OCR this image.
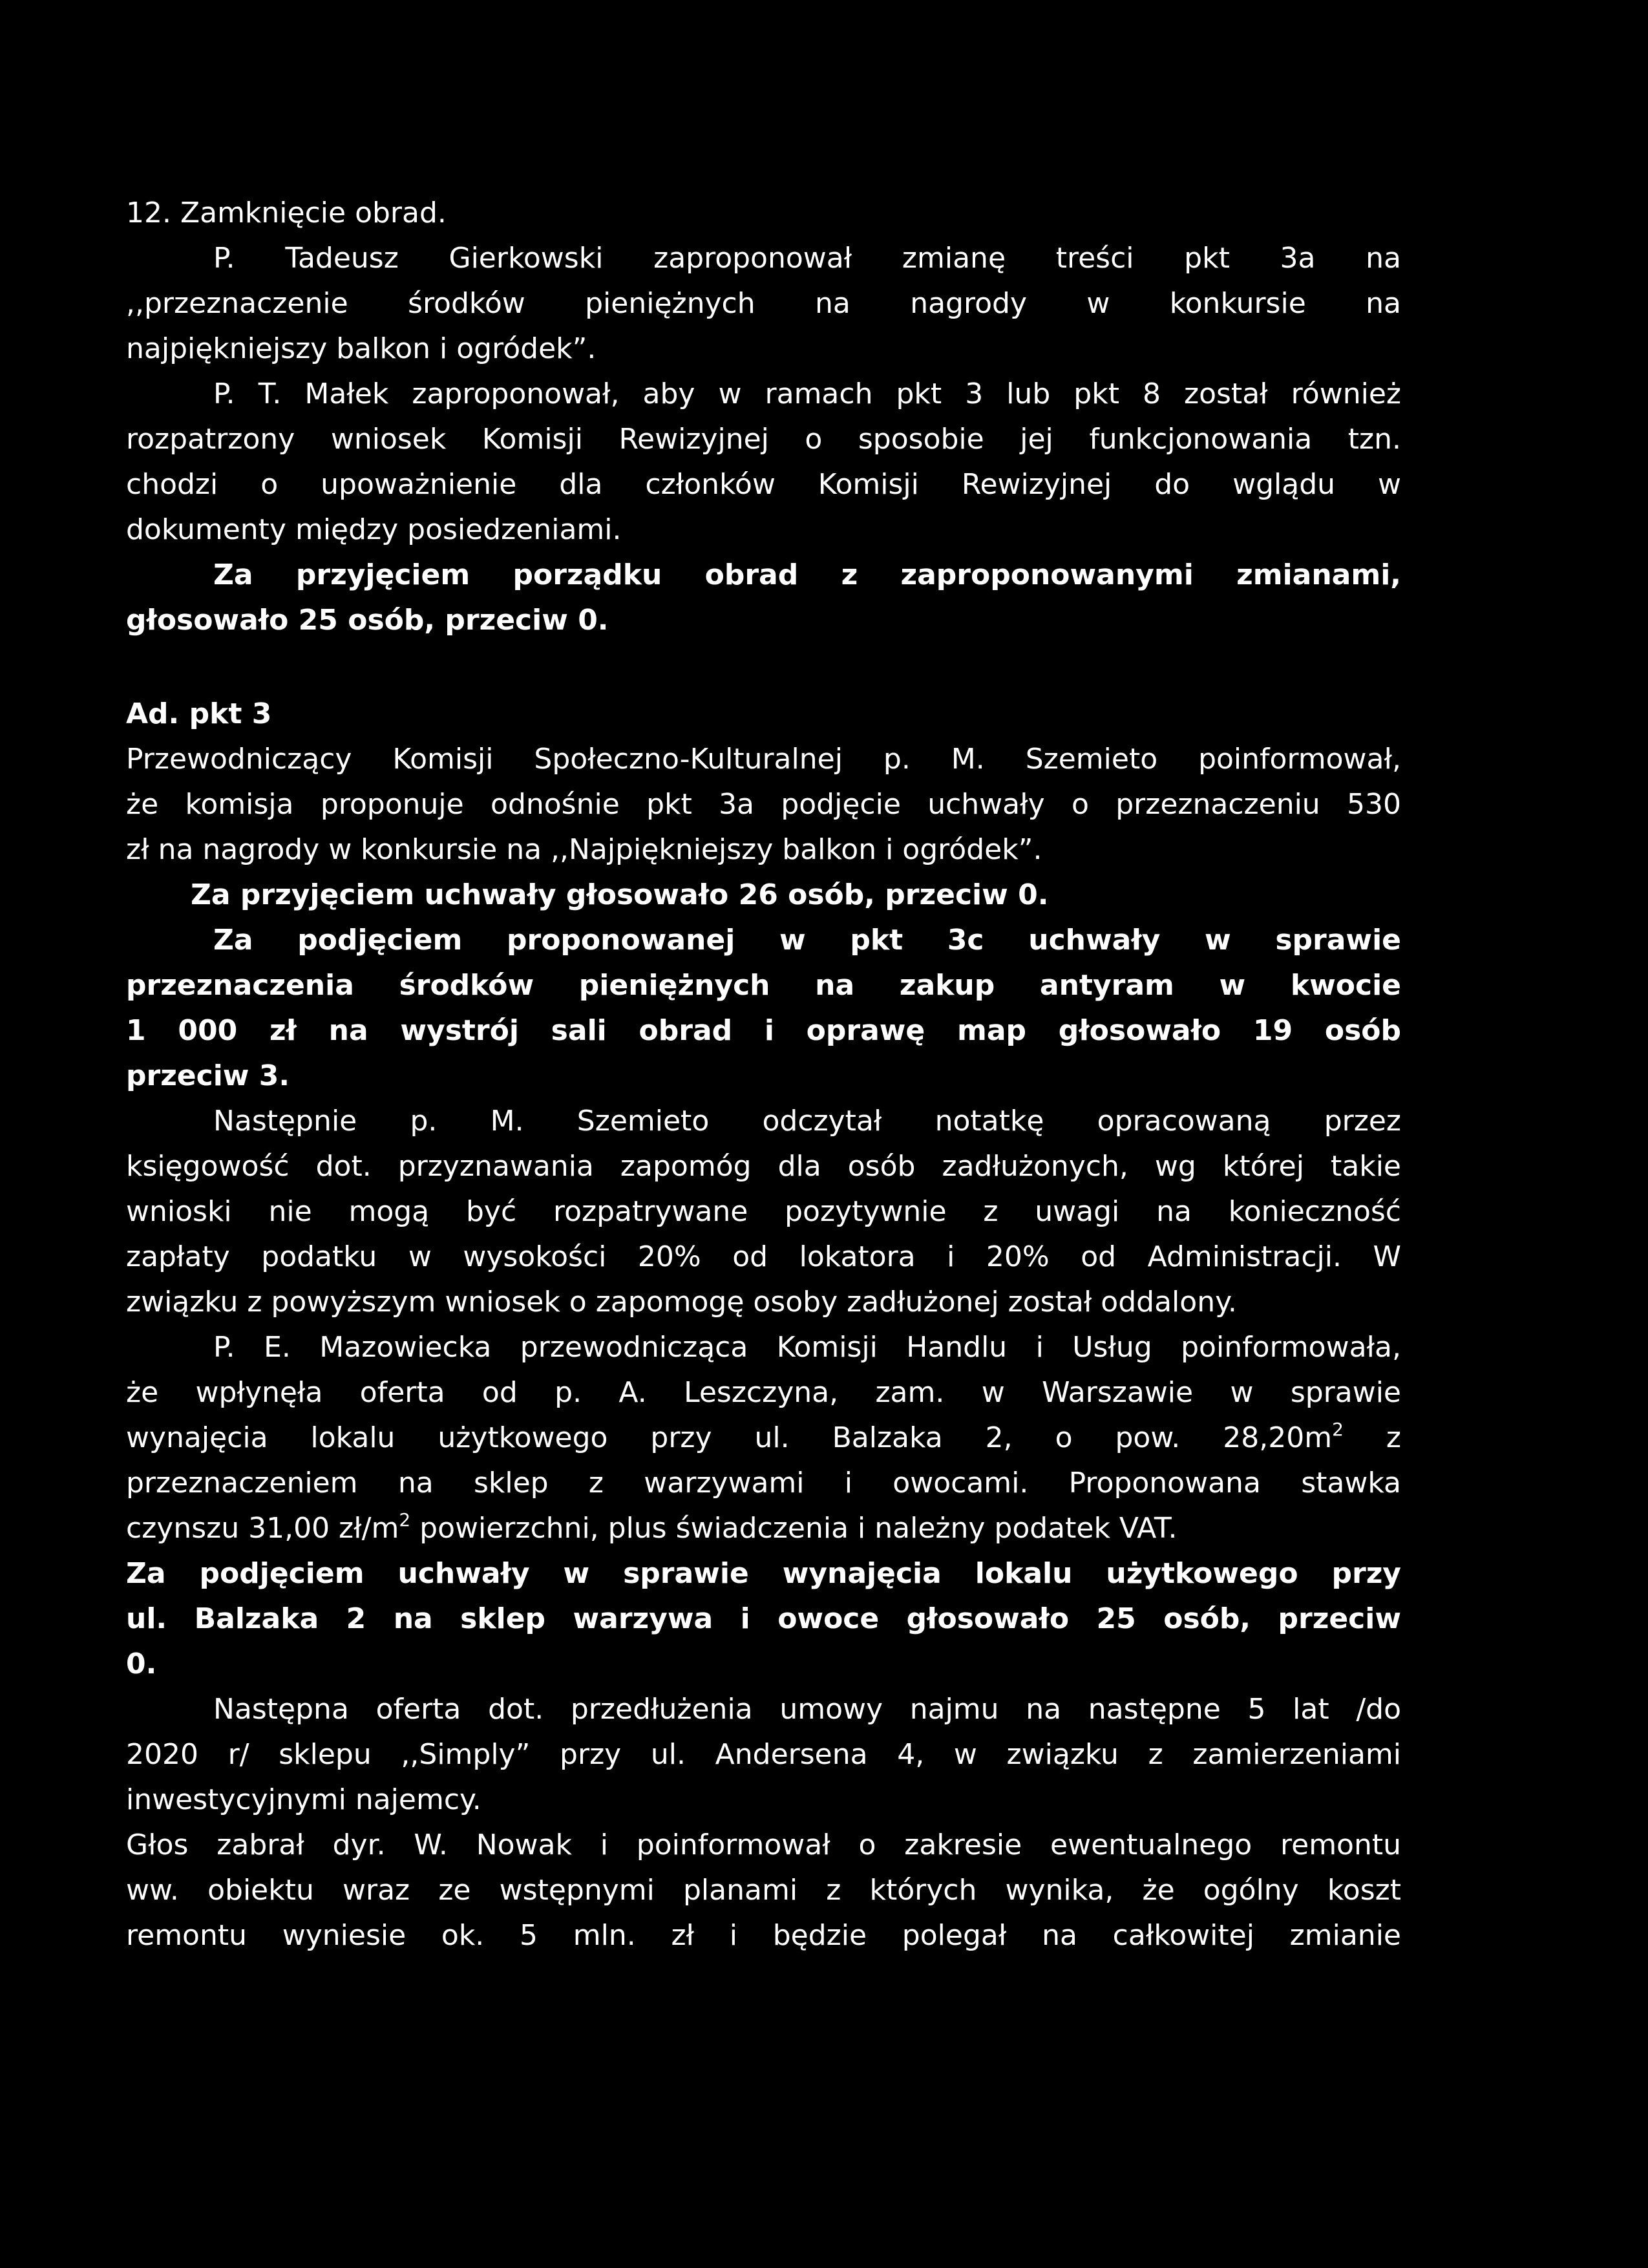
12. Zamknięcie obrad.
P. Tadeusz Gierkowski zaproponował zmianę treści pkt 3a na
,,przeznaczenie środków pieniężnych na nagrody w konkursie na
najpiękniejszy balkon i ogródek”.
P. T. Małek zaproponował, aby w ramach pkt 3 lub pkt 8 został również
rozpatrzony wniosek Komisji Rewizyjnej o sposobie jej funkcjonowania tzn.
chodzi o upoważnienie dla członków Komisji Rewizyjnej do wglądu w
dokumenty między posiedzeniami.
Za przyjęciem porządku obrad z zaproponowanymi zmianami,
głosowało 25 osób, przeciw 0.
Ad. pkt 3
Przewodniczący Komisji Społeczno-Kulturalnej p. M. Szemieto poinformował,
że komisja proponuje odnośnie pkt 3a podjęcie uchwały o przeznaczeniu 530
zł na nagrody w konkursie na ,,Najpiękniejszy balkon i ogródek”.
Za przyjęciem uchwały głosowało 26 osób, przeciw 0.
Za podjęciem proponowanej w pkt 3c uchwały w sprawie
przeznaczenia środków pieniężnych na zakup antyram w kwocie
1 000 zł na wystrój sali obrad i oprawę map głosowało 19 osób
przeciw 3.
Następnie p. M. Szemieto odczytał notatkę opracowaną przez
księgowość dot. przyznawania zapomóg dla osób zadłużonych, wg której takie
wnioski nie mogą być rozpatrywane pozytywnie z uwagi na konieczność
zapłaty podatku w wysokości 20% od lokatora i 20% od Administracji. W
związku z powyższym wniosek o zapomogę osoby zadłużonej został oddalony.
P. E. Mazowiecka przewodnicząca Komisji Handlu i Usług poinformowała,
że wpłynęła oferta od p. A. Leszczyna, zam. w Warszawie w sprawie
wynajęcia lokalu użytkowego przy ul. Balzaka 2, o pow. $28,20m^2$ z
przeznaczeniem na sklep z warzywami i owocami. Proponowana stawka
czynszu 31,00 $zł/m^2$ powierzchni, plus świadczenia i należny podatek VAT.
Za podjęciem uchwały w sprawie wynajęcia lokalu użytkowego przy
ul. Balzaka 2 na sklep warzywa i owoce głosowało 25 osób, przeciw
0.
Następna oferta dot. przedłużenia umowy najmu na następne 5 lat /do
2020 r/ sklepu ,,Simply” przy ul. Andersena 4, w związku z zamierzeniami
inwestycyjnymi najemcy.
Głos zabrał dyr. W. Nowak i poinformował o zakresie ewentualnego remontu
ww. obiektu wraz ze wstępnymi planami z których wynika, że ogólny koszt
remontu wyniesie ok. 5 mln. zł i będzie polegał na całkowitej zmianie
